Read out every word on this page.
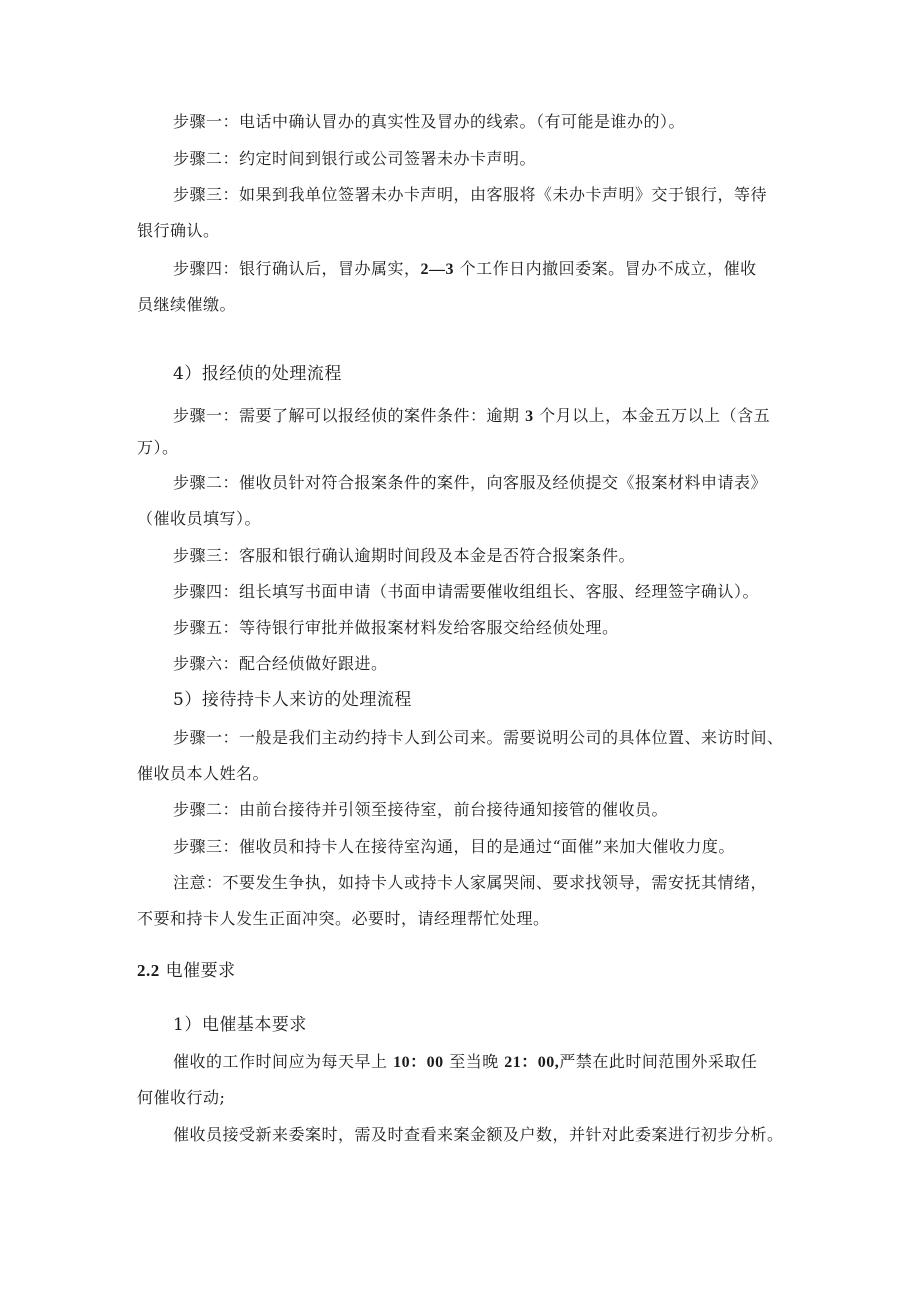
步骤一：电话中确认冒办的真实性及冒办的线索。（有可能是谁办的）。
步骤二：约定时间到银行或公司签署未办卡声明。
步骤三：如果到我单位签署未办卡声明，由客服将《未办卡声明》交于银行，等待
银行确认。
步骤四：银行确认后，冒办属实，2—3 个工作日内撤回委案。冒办不成立，催收
员继续催缴。
4）报经侦的处理流程
步骤一：需要了解可以报经侦的案件条件：逾期 3 个月以上，本金五万以上（含五
万）。
步骤二：催收员针对符合报案条件的案件，向客服及经侦提交《报案材料申请表》
（催收员填写）。
步骤三：客服和银行确认逾期时间段及本金是否符合报案条件。
步骤四：组长填写书面申请（书面申请需要催收组组长、客服、经理签字确认）。
步骤五：等待银行审批并做报案材料发给客服交给经侦处理。
步骤六：配合经侦做好跟进。
5）接待持卡人来访的处理流程
步骤一：一般是我们主动约持卡人到公司来。需要说明公司的具体位置、来访时间、
催收员本人姓名。
步骤二：由前台接待并引领至接待室，前台接待通知接管的催收员。
步骤三：催收员和持卡人在接待室沟通，目的是通过“面催”来加大催收力度。
注意：不要发生争执，如持卡人或持卡人家属哭闹、要求找领导，需安抚其情绪，
不要和持卡人发生正面冲突。必要时，请经理帮忙处理。
2.2 电催要求
1）电催基本要求
催收的工作时间应为每天早上 10：00 至当晚 21：00,严禁在此时间范围外采取任
何催收行动;
催收员接受新来委案时，需及时查看来案金额及户数，并针对此委案进行初步分析。
